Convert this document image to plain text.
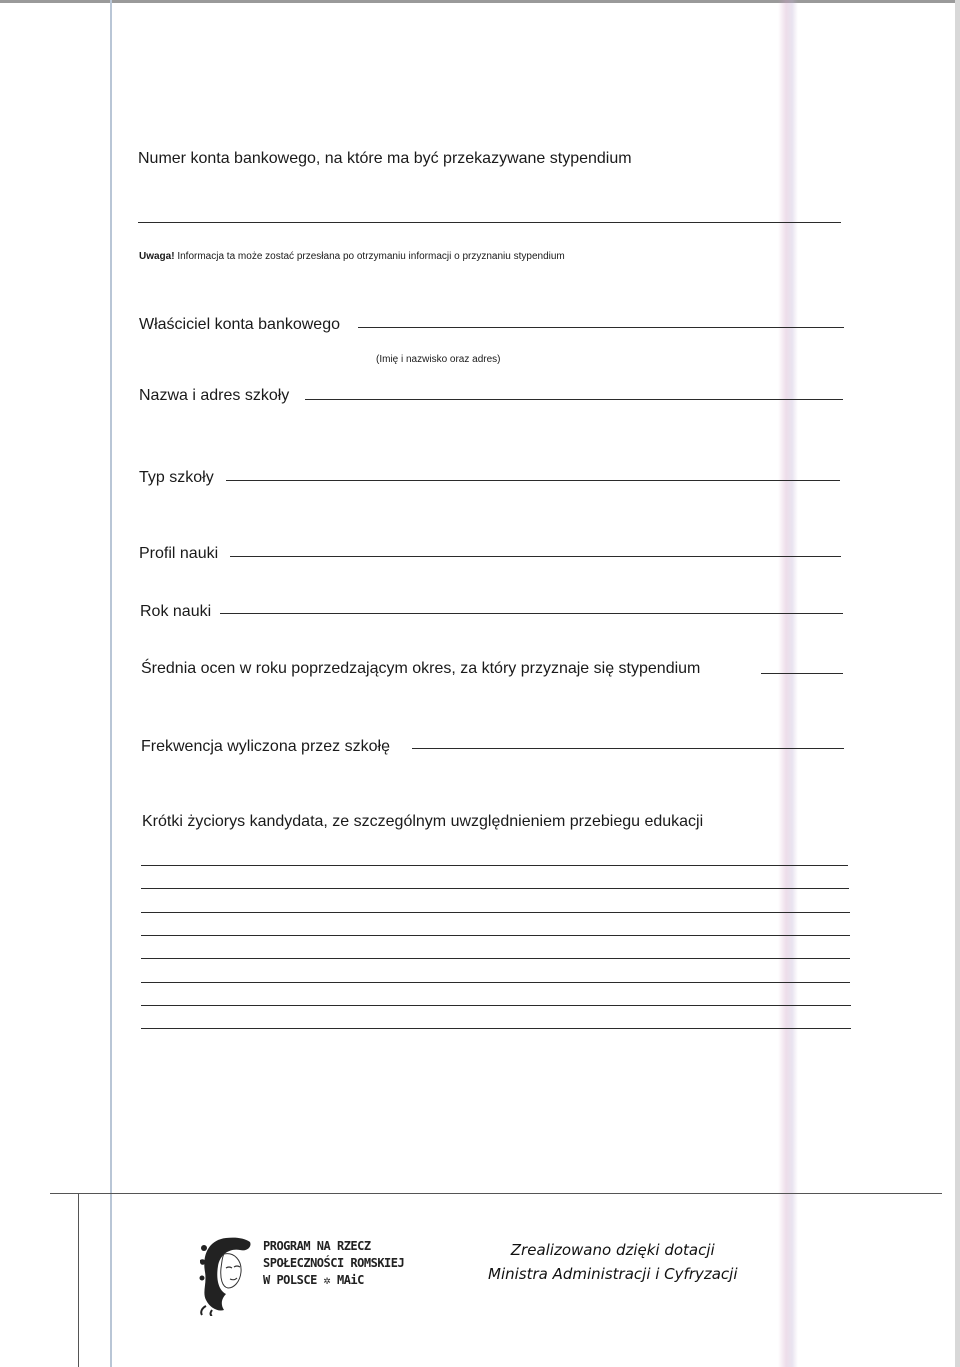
Numer konta bankowego, na które ma być przekazywane stypendium
Uwaga! Informacja ta może zostać przesłana po otrzymaniu informacji o przyznaniu stypendium
Właściciel konta bankowego
(Imię i nazwisko oraz adres)
Nazwa i adres szkoły
Typ szkoły
Profil nauki
Rok nauki
Średnia ocen w roku poprzedzającym okres, za który przyznaje się stypendium
Frekwencja wyliczona przez szkołę
Krótki życiorys kandydata, ze szczególnym uwzględnieniem przebiegu edukacji
PROGRAM NA RZECZ
SPOŁECZNOŚCI ROMSKIEJ
W POLSCE ✲ MAiC
Zrealizowano dzięki dotacji
Ministra Administracji i Cyfryzacji
